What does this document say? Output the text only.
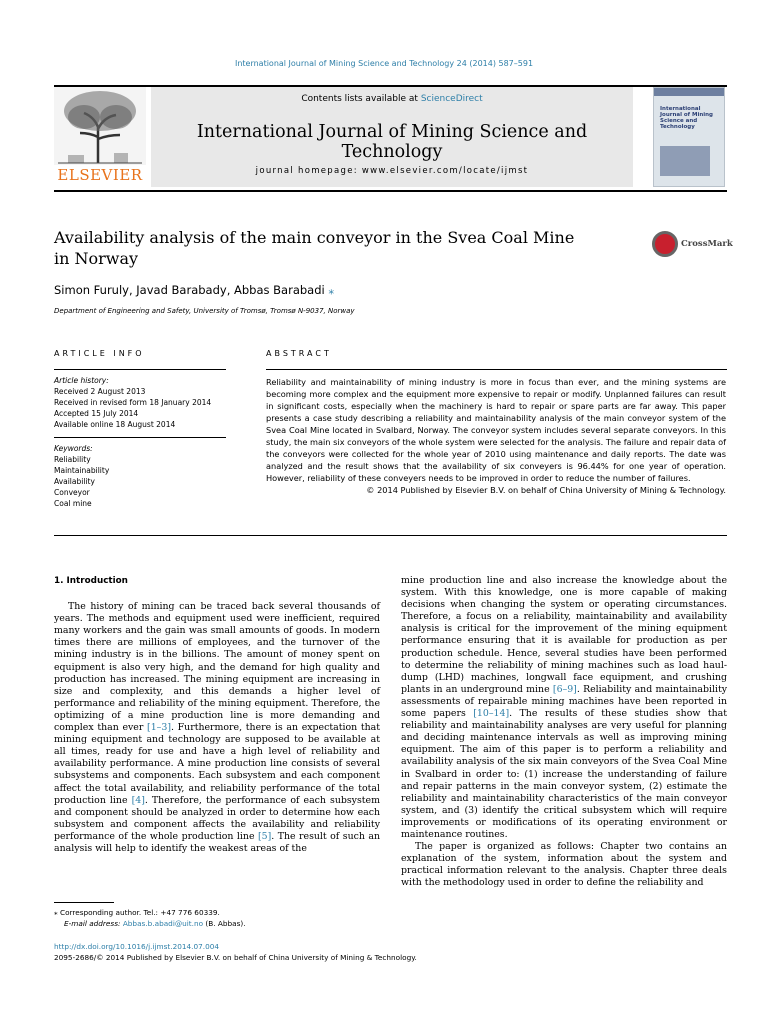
International Journal of Mining Science and Technology 24 (2014) 587–591
ELSEVIER
Contents lists available at ScienceDirect
International Journal of Mining Science and Technology
journal homepage: www.elsevier.com/locate/ijmst
International Journal of Mining Science and Technology
Availability analysis of the main conveyor in the Svea Coal Mine in Norway
CrossMark
Simon Furuly, Javad Barabady, Abbas Barabadi ⁎
Department of Engineering and Safety, University of Tromsø, Tromsø N-9037, Norway
ARTICLE INFO	ABSTRACT
Article history:
Received 2 August 2013
Received in revised form 18 January 2014
Accepted 15 July 2014
Available online 18 August 2014
Keywords:
Reliability
Maintainability
Availability
Conveyor
Coal mine
Reliability and maintainability of mining industry is more in focus than ever, and the mining systems are becoming more complex and the equipment more expensive to repair or modify. Unplanned failures can result in significant costs, especially when the machinery is hard to repair or spare parts are far away. This paper presents a case study describing a reliability and maintainability analysis of the main conveyor system of the Svea Coal Mine located in Svalbard, Norway. The conveyor system includes several separate conveyors. In this study, the main six conveyors of the whole system were selected for the analysis. The failure and repair data of the conveyors were collected for the whole year of 2010 using maintenance and daily reports. The date was analyzed and the result shows that the availability of six conveyers is 96.44% for one year of operation. However, reliability of these conveyers needs to be improved in order to reduce the number of failures.
© 2014 Published by Elsevier B.V. on behalf of China University of Mining & Technology.
1. Introduction

The history of mining can be traced back several thousands of years. The methods and equipment used were inefficient, required many workers and the gain was small amounts of goods. In modern times there are millions of employees, and the turnover of the mining industry is in the billions. The amount of money spent on equipment is also very high, and the demand for high quality and production has increased. The mining equipment are increasing in size and complexity, and this demands a higher level of performance and reliability of the mining equipment. Therefore, the optimizing of a mine production line is more demanding and complex than ever [1–3]. Furthermore, there is an expectation that mining equipment and technology are supposed to be available at all times, ready for use and have a high level of reliability and availability performance. A mine production line consists of several subsystems and components. Each subsystem and each component affect the total availability, and reliability performance of the total production line [4]. Therefore, the performance of each subsystem and component should be analyzed in order to determine how each subsystem and component affects the availability and reliability performance of the whole production line [5]. The result of such an analysis will help to identify the weakest areas of the

mine production line and also increase the knowledge about the system. With this knowledge, one is more capable of making decisions when changing the system or operating circumstances. Therefore, a focus on a reliability, maintainability and availability analysis is critical for the improvement of the mining equipment performance ensuring that it is available for production as per production schedule. Hence, several studies have been performed to determine the reliability of mining machines such as load haul-dump (LHD) machines, longwall face equipment, and crushing plants in an underground mine [6–9]. Reliability and maintainability assessments of repairable mining machines have been reported in some papers [10–14]. The results of these studies show that reliability and maintainability analyses are very useful for planning and deciding maintenance intervals as well as improving mining equipment. The aim of this paper is to perform a reliability and availability analysis of the six main conveyors of the Svea Coal Mine in Svalbard in order to: (1) increase the understanding of failure and repair patterns in the main conveyor system, (2) estimate the reliability and maintainability characteristics of the main conveyor system, and (3) identify the critical subsystem which will require improvements or modifications of its operating environment or maintenance routines.

The paper is organized as follows: Chapter two contains an explanation of the system, information about the system and practical information relevant to the analysis. Chapter three deals with the methodology used in order to define the reliability and

⁎ Corresponding author. Tel.: +47 776 60339.
E-mail address: Abbas.b.abadi@uit.no (B. Abbas).
http://dx.doi.org/10.1016/j.ijmst.2014.07.004
2095-2686/© 2014 Published by Elsevier B.V. on behalf of China University of Mining & Technology.
